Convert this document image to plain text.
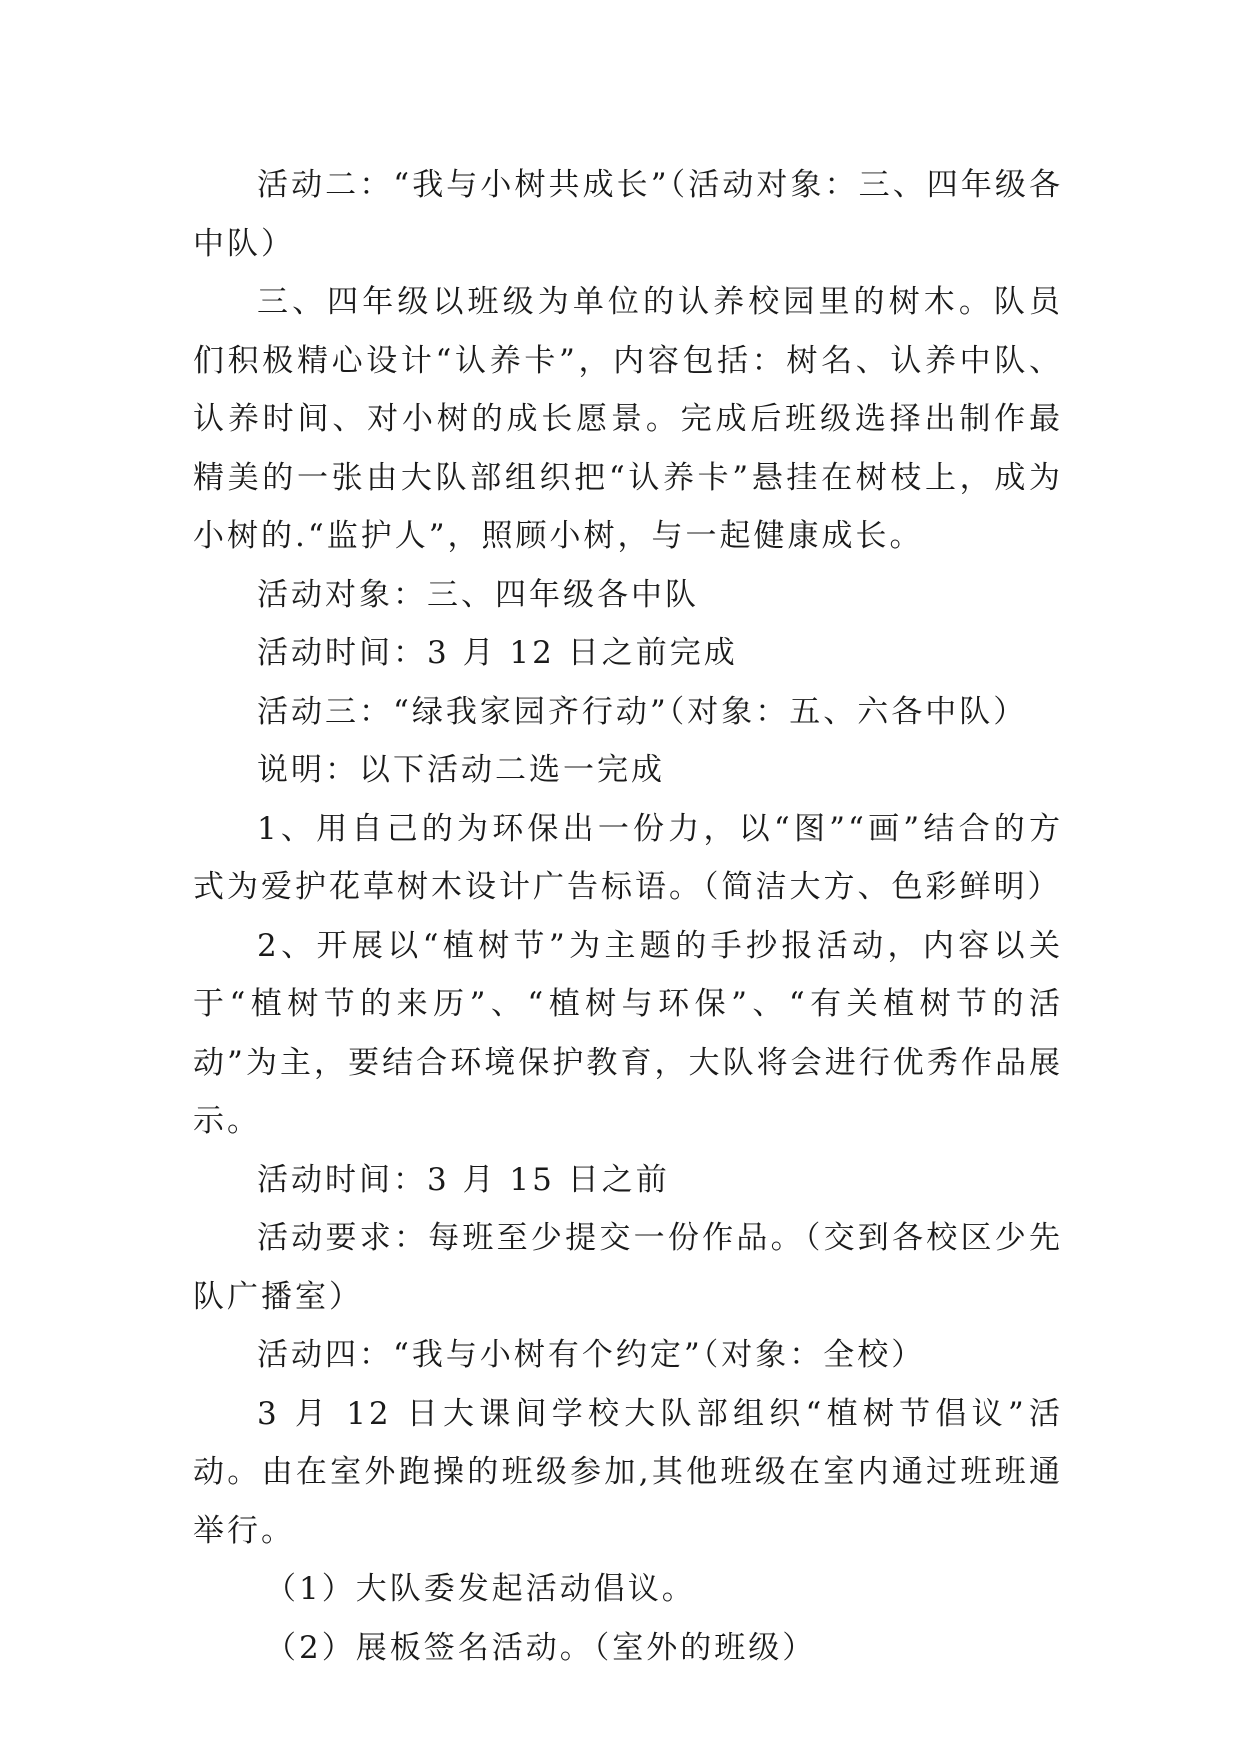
活动二：“我与小树共成长”（活动对象：三、四年级各中队）

三、四年级以班级为单位的认养校园里的树木。队员们积极精心设计“认养卡”，内容包括：树名、认养中队、认养时间、对小树的成长愿景。完成后班级选择出制作最精美的一张由大队部组织把“认养卡”悬挂在树枝上，成为小树的.“监护人”，照顾小树，与一起健康成长。

活动对象：三、四年级各中队

活动时间：3 月 12 日之前完成

活动三：“绿我家园齐行动”（对象：五、六各中队）

说明：以下活动二选一完成

1、用自己的为环保出一份力，以“图”“画”结合的方式为爱护花草树木设计广告标语。（简洁大方、色彩鲜明）

2、开展以“植树节”为主题的手抄报活动，内容以关于“植树节的来历”、“植树与环保”、“有关植树节的活动”为主，要结合环境保护教育，大队将会进行优秀作品展示。

活动时间：3 月 15 日之前

活动要求：每班至少提交一份作品。（交到各校区少先队广播室）

活动四：“我与小树有个约定”（对象：全校）

3 月 12 日大课间学校大队部组织“植树节倡议”活动。由在室外跑操的班级参加,其他班级在室内通过班班通举行。

（1）大队委发起活动倡议。

（2）展板签名活动。（室外的班级）
